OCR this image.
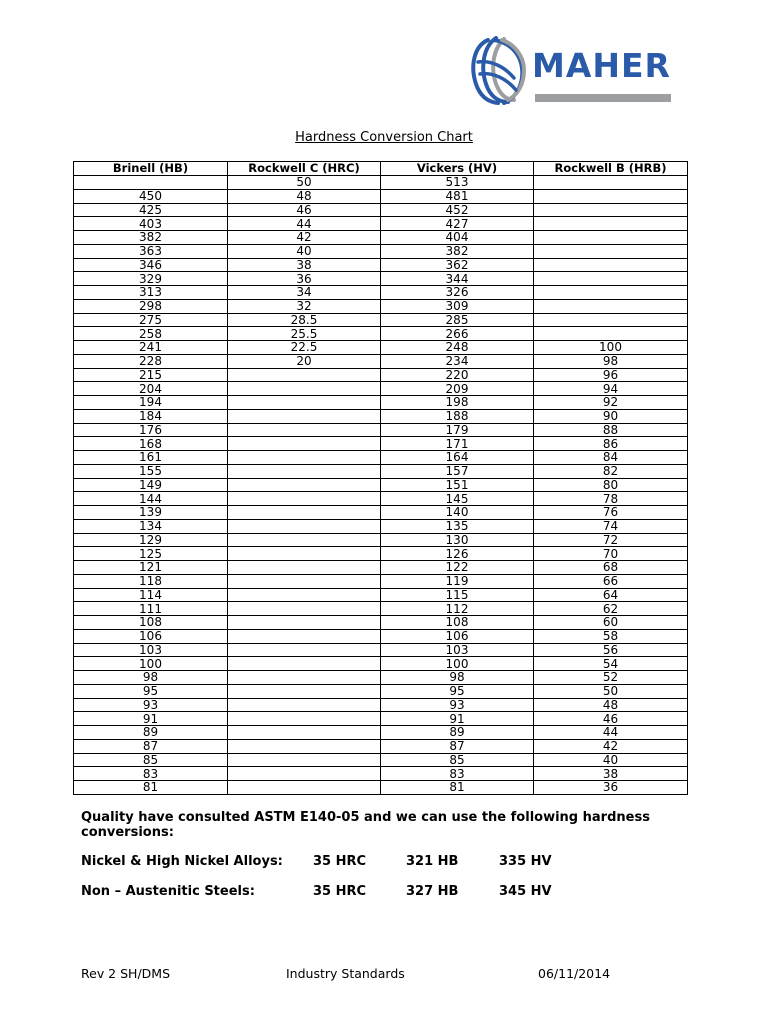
MAHER
Hardness Conversion Chart
Brinell (HB)	Rockwell C (HRC)	Vickers (HV)	Rockwell B (HRB)
	50	513	
450	48	481	
425	46	452	
403	44	427	
382	42	404	
363	40	382	
346	38	362	
329	36	344	
313	34	326	
298	32	309	
275	28.5	285	
258	25.5	266	
241	22.5	248	100
228	20	234	98
215		220	96
204		209	94
194		198	92
184		188	90
176		179	88
168		171	86
161		164	84
155		157	82
149		151	80
144		145	78
139		140	76
134		135	74
129		130	72
125		126	70
121		122	68
118		119	66
114		115	64
111		112	62
108		108	60
106		106	58
103		103	56
100		100	54
98		98	52
95		95	50
93		93	48
91		91	46
89		89	44
87		87	42
85		85	40
83		83	38
81		81	36
Quality have consulted ASTM E140-05 and we can use the following hardness conversions:
Nickel & High Nickel Alloys: 35 HRC	321 HB	335 HV
Non – Austenitic Steels:	35 HRC	327 HB	345 HV
Rev 2 SH/DMS	Industry Standards	06/11/2014
